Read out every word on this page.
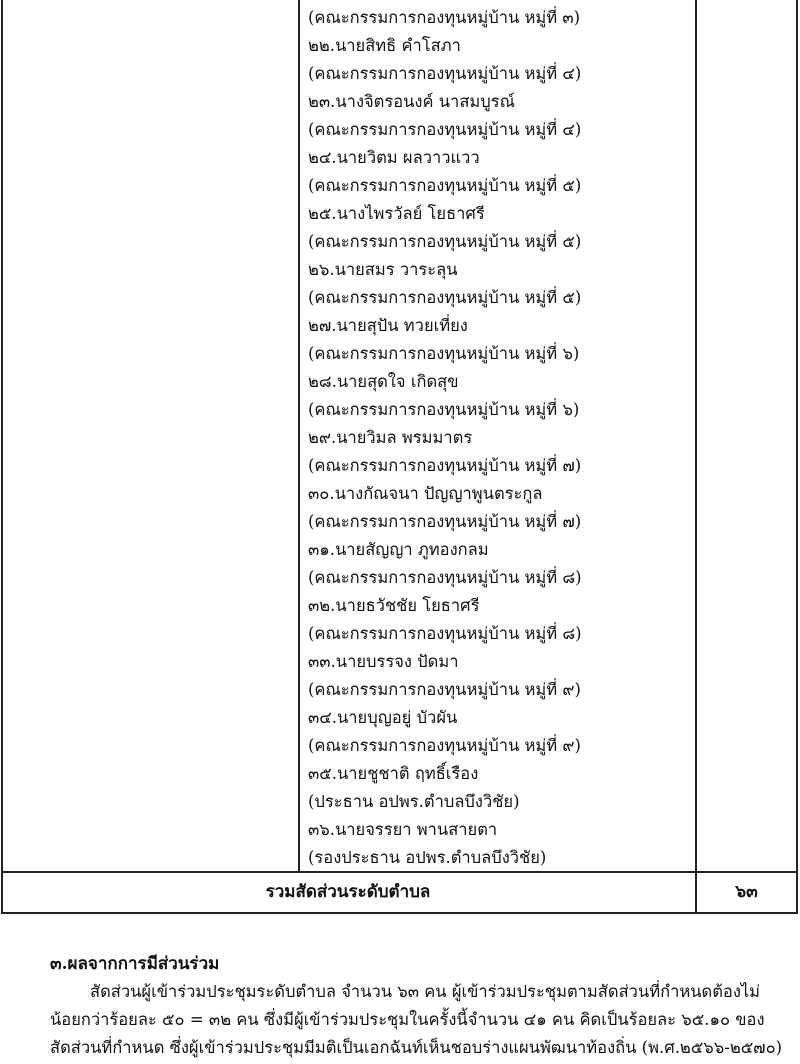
(คณะกรรมการกองทุนหมู่บ้าน หมู่ที่ ๓)
๒๒.นายสิทธิ คำโสภา
(คณะกรรมการกองทุนหมู่บ้าน หมู่ที่ ๔)
๒๓.นางจิตรอนงค์ นาสมบูรณ์
(คณะกรรมการกองทุนหมู่บ้าน หมู่ที่ ๔)
๒๔.นายวิตม ผลวาวแวว
(คณะกรรมการกองทุนหมู่บ้าน หมู่ที่ ๕)
๒๕.นางไพรวัลย์ โยธาศรี
(คณะกรรมการกองทุนหมู่บ้าน หมู่ที่ ๕)
๒๖.นายสมร วาระลุน
(คณะกรรมการกองทุนหมู่บ้าน หมู่ที่ ๕)
๒๗.นายสุปัน ทวยเที่ยง
(คณะกรรมการกองทุนหมู่บ้าน หมู่ที่ ๖)
๒๘.นายสุดใจ เกิดสุข
(คณะกรรมการกองทุนหมู่บ้าน หมู่ที่ ๖)
๒๙.นายวิมล พรมมาตร
(คณะกรรมการกองทุนหมู่บ้าน หมู่ที่ ๗)
๓๐.นางกัณจนา ปัญญาพูนตระกูล
(คณะกรรมการกองทุนหมู่บ้าน หมู่ที่ ๗)
๓๑.นายสัญญา ภูทองกลม
(คณะกรรมการกองทุนหมู่บ้าน หมู่ที่ ๘)
๓๒.นายธวัชชัย โยธาศรี
(คณะกรรมการกองทุนหมู่บ้าน หมู่ที่ ๘)
๓๓.นายบรรจง ปัดมา
(คณะกรรมการกองทุนหมู่บ้าน หมู่ที่ ๙)
๓๔.นายบุญอยู่ บัวผัน
(คณะกรรมการกองทุนหมู่บ้าน หมู่ที่ ๙)
๓๕.นายชูชาติ ฤทธิ์เรือง
(ประธาน อปพร.ตำบลบึงวิชัย)
๓๖.นายจรรยา พานสายตา
(รองประธาน อปพร.ตำบลบึงวิชัย)
รวมสัดส่วนระดับตำบล	๖๓
๓.ผลจากการมีส่วนร่วม
สัดส่วนผู้เข้าร่วมประชุมระดับตำบล จำนวน ๖๓ คน ผู้เข้าร่วมประชุมตามสัดส่วนที่กำหนดต้องไม่
น้อยกว่าร้อยละ ๕๐ = ๓๒ คน ซึ่งมีผู้เข้าร่วมประชุมในครั้งนี้จำนวน ๔๑ คน คิดเป็นร้อยละ ๖๕.๑๐ ของ
สัดส่วนที่กำหนด ซึ่งผู้เข้าร่วมประชุมมีมติเป็นเอกฉันท์เห็นชอบร่างแผนพัฒนาท้องถิ่น (พ.ศ.๒๕๖๖-๒๕๗๐)
